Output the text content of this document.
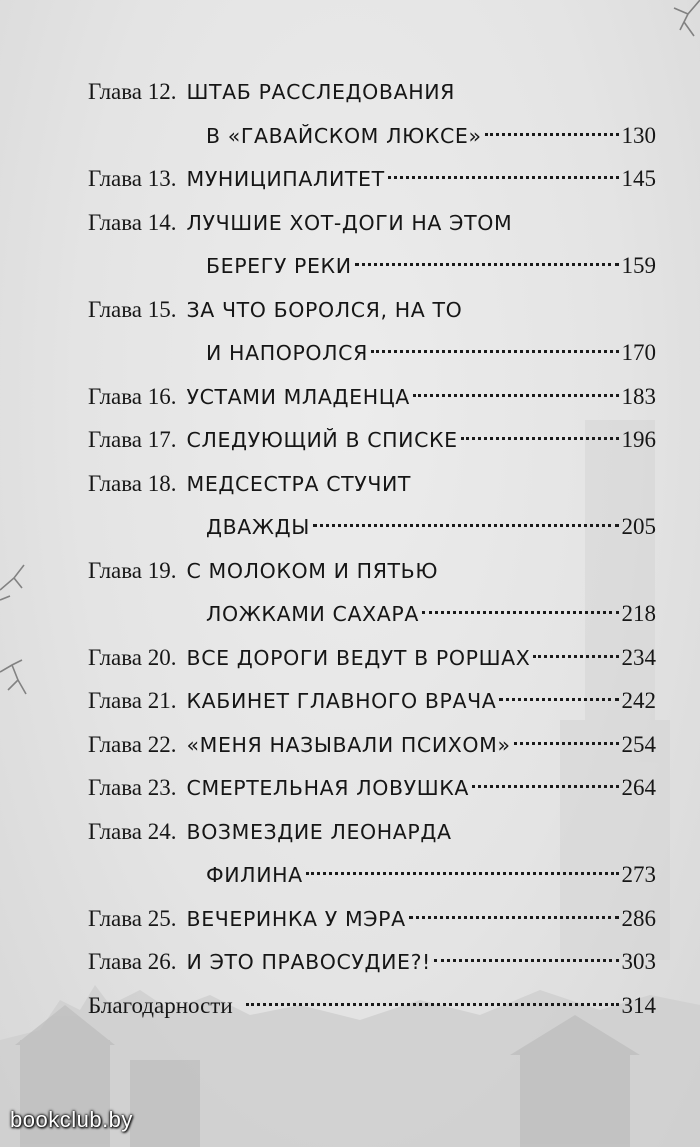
Глава 12. ШТАБ РАССЛЕДОВАНИЯ
В «ГАВАЙСКОМ ЛЮКСЕ»	130
Глава 13. МУНИЦИПАЛИТЕТ	145
Глава 14. ЛУЧШИЕ ХОТ-ДОГИ НА ЭТОМ
БЕРЕГУ РЕКИ	159
Глава 15. ЗА ЧТО БОРОЛСЯ, НА ТО
И НАПОРОЛСЯ	170
Глава 16. УСТАМИ МЛАДЕНЦА	183
Глава 17. СЛЕДУЮЩИЙ В СПИСКЕ	196
Глава 18. МЕДСЕСТРА СТУЧИТ
ДВАЖДЫ	205
Глава 19. С МОЛОКОМ И ПЯТЬЮ
ЛОЖКАМИ САХАРА	218
Глава 20. ВСЕ ДОРОГИ ВЕДУТ В РОРШАХ	234
Глава 21. КАБИНЕТ ГЛАВНОГО ВРАЧА	242
Глава 22. «МЕНЯ НАЗЫВАЛИ ПСИХОМ»	254
Глава 23. СМЕРТЕЛЬНАЯ ЛОВУШКА	264
Глава 24. ВОЗМЕЗДИЕ ЛЕОНАРДА
ФИЛИНА	273
Глава 25. ВЕЧЕРИНКА У МЭРА	286
Глава 26. И ЭТО ПРАВОСУДИЕ?!	303
Благодарности	314
bookclub.by
